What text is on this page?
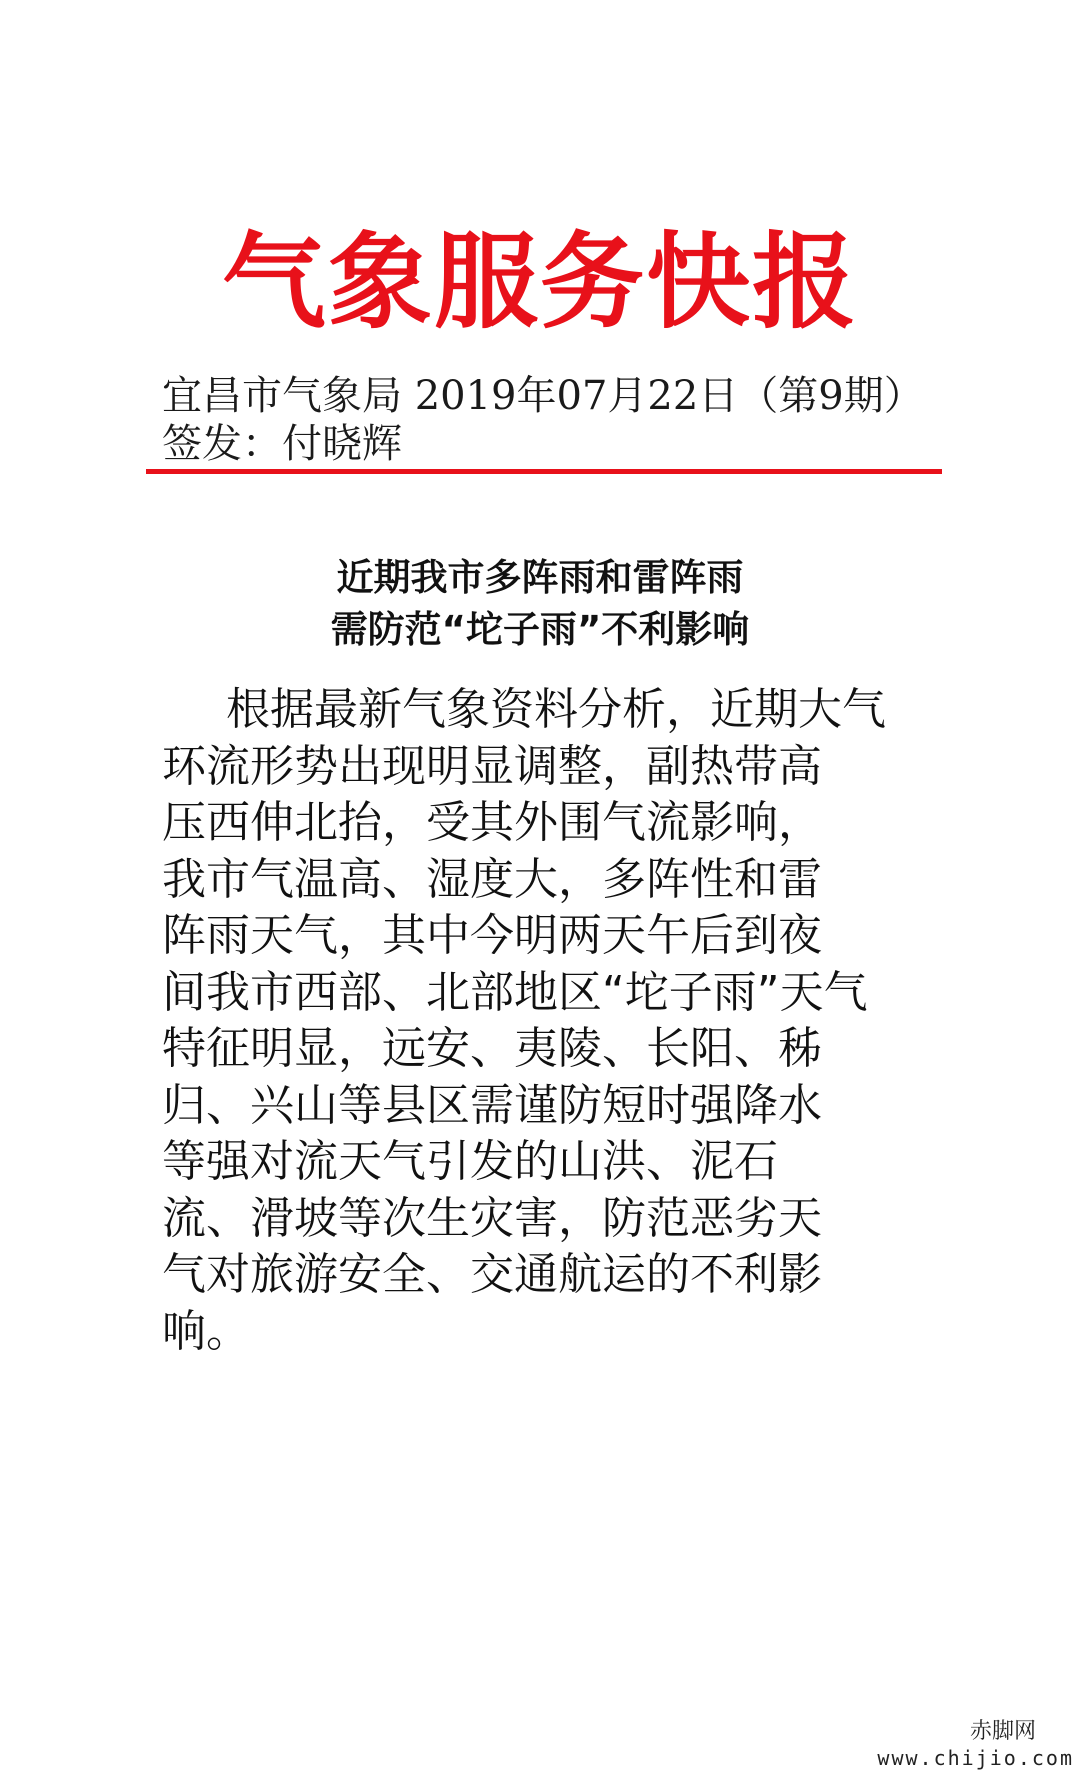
气象服务快报
宜昌市气象局 2019年07月22日（第9期）
签发：付晓辉
近期我市多阵雨和雷阵雨
需防范“坨子雨”不利影响
根据最新气象资料分析，近期大气
环流形势出现明显调整，副热带高
压西伸北抬，受其外围气流影响，
我市气温高、湿度大，多阵性和雷
阵雨天气，其中今明两天午后到夜
间我市西部、北部地区“坨子雨”天气
特征明显，远安、夷陵、长阳、秭
归、兴山等县区需谨防短时强降水
等强对流天气引发的山洪、泥石
流、滑坡等次生灾害，防范恶劣天
气对旅游安全、交通航运的不利影
响。
赤脚网
www.chijio.com
